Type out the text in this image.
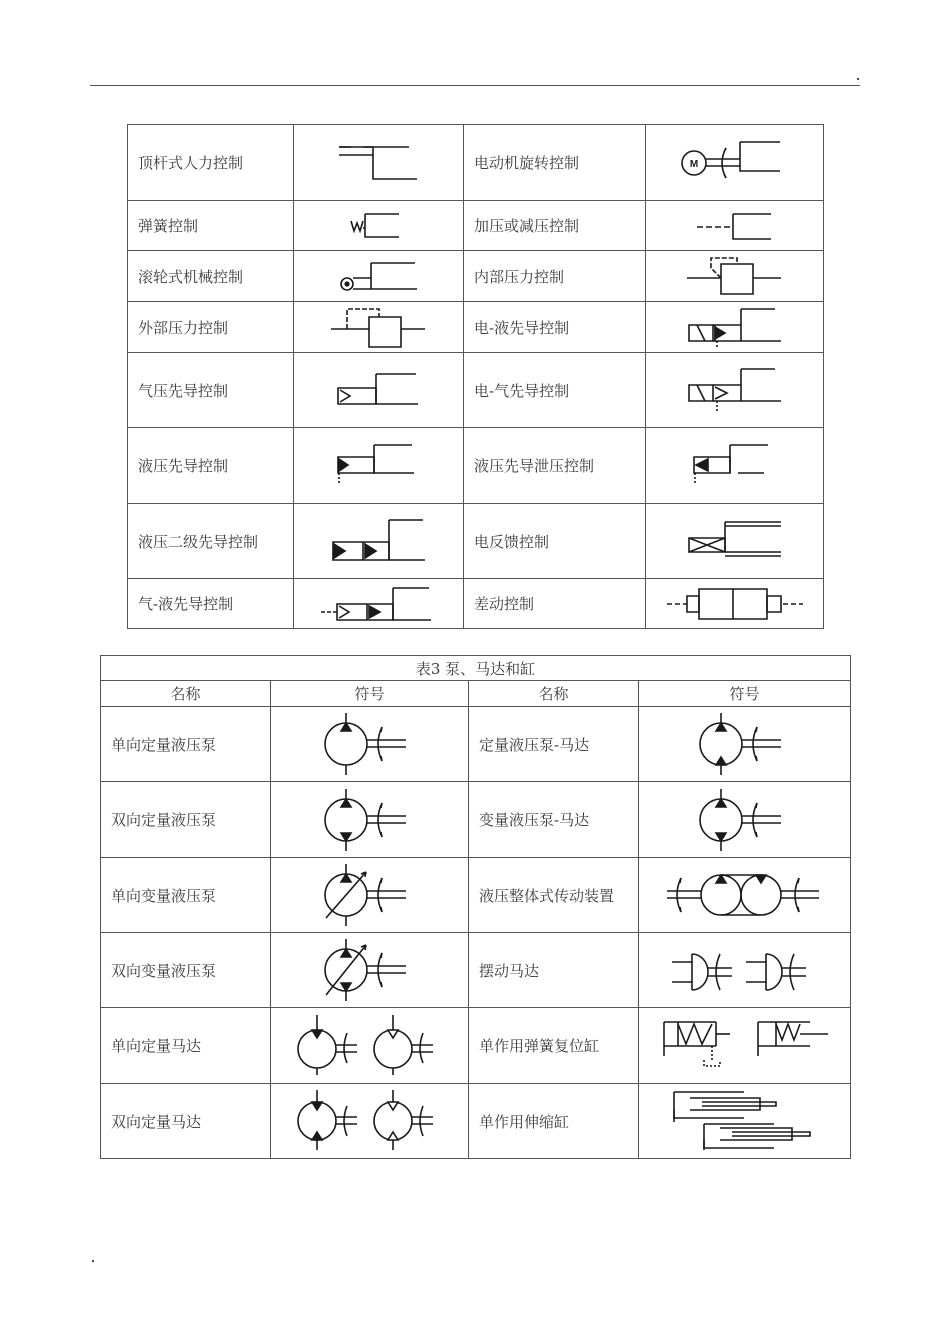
顶杆式人力控制		电动机旋转控制	M

弹簧控制		加压或减压控制	

滚轮式机械控制		内部压力控制	

外部压力控制		电-液先导控制	

气压先导控制		电-气先导控制	

液压先导控制		液压先导泄压控制	

液压二级先导控制		电反馈控制	

气-液先导控制		差动控制	
表3 泵、马达和缸			
名称	符号	名称	符号
单向定量液压泵		定量液压泵-马达	

双向定量液压泵		变量液压泵-马达	

单向变量液压泵		液压整体式传动装置	

双向变量液压泵		摆动马达	

单向定量马达		单作用弹簧复位缸	

双向定量马达		单作用伸缩缸	
